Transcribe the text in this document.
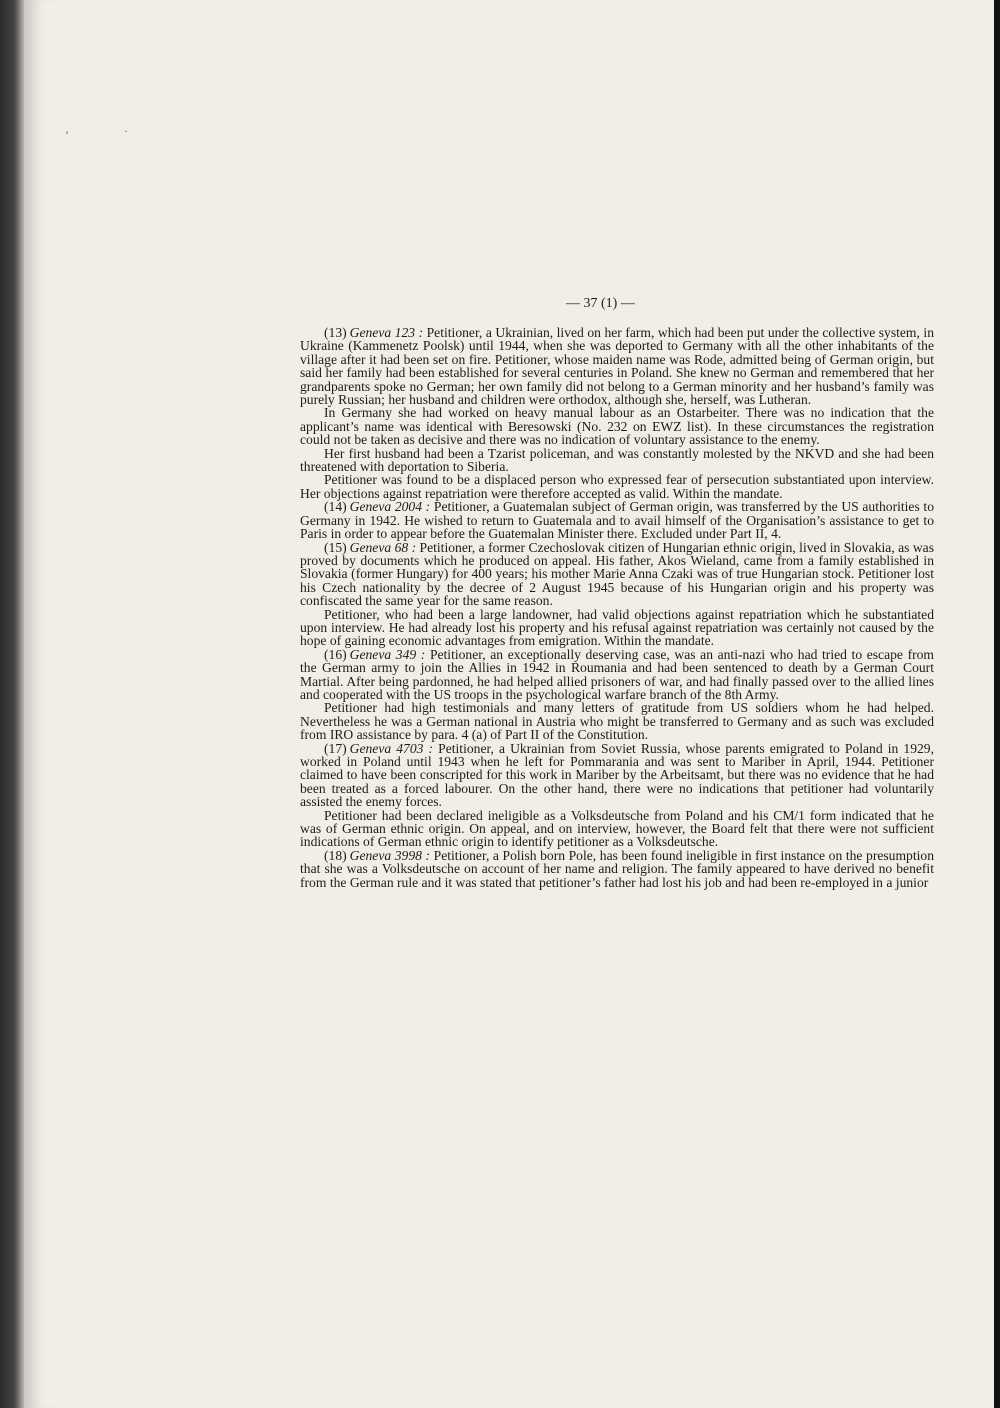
'	·
— 37 (1) —

(13) Geneva 123 : Petitioner, a Ukrainian, lived on her farm, which had been put under the collective system, in Ukraine (Kammenetz Poolsk) until 1944, when she was deported to Germany with all the other inhabitants of the village after it had been set on fire. Petitioner, whose maiden name was Rode, admitted being of German origin, but said her family had been established for several centuries in Poland. She knew no German and remembered that her grandparents spoke no German; her own family did not belong to a German minority and her husband’s family was purely Russian; her husband and children were orthodox, although she, herself, was Lutheran.

In Germany she had worked on heavy manual labour as an Ostarbeiter. There was no indication that the applicant’s name was identical with Beresowski (No. 232 on EWZ list). In these circumstances the registration could not be taken as decisive and there was no indication of voluntary assistance to the enemy.

Her first husband had been a Tzarist policeman, and was constantly molested by the NKVD and she had been threatened with deportation to Siberia.

Petitioner was found to be a displaced person who expressed fear of persecution substantiated upon interview. Her objections against repatriation were therefore accepted as valid. Within the mandate.

(14) Geneva 2004 : Petitioner, a Guatemalan subject of German origin, was transferred by the US authorities to Germany in 1942. He wished to return to Guatemala and to avail himself of the Organisation’s assistance to get to Paris in order to appear before the Guatemalan Minister there. Excluded under Part II, 4.

(15) Geneva 68 : Petitioner, a former Czechoslovak citizen of Hungarian ethnic origin, lived in Slovakia, as was proved by documents which he produced on appeal. His father, Akos Wieland, came from a family established in Slovakia (former Hungary) for 400 years; his mother Marie Anna Czaki was of true Hungarian stock. Petitioner lost his Czech nationality by the decree of 2 August 1945 because of his Hungarian origin and his property was confiscated the same year for the same reason.

Petitioner, who had been a large landowner, had valid objections against repatriation which he substantiated upon interview. He had already lost his property and his refusal against repatriation was certainly not caused by the hope of gaining economic advantages from emigration. Within the mandate.

(16) Geneva 349 : Petitioner, an exceptionally deserving case, was an anti-nazi who had tried to escape from the German army to join the Allies in 1942 in Roumania and had been sentenced to death by a German Court Martial. After being pardonned, he had helped allied prisoners of war, and had finally passed over to the allied lines and cooperated with the US troops in the psychological warfare branch of the 8th Army.

Petitioner had high testimonials and many letters of gratitude from US soldiers whom he had helped. Nevertheless he was a German national in Austria who might be transferred to Germany and as such was excluded from IRO assistance by para. 4 (a) of Part II of the Constitution.

(17) Geneva 4703 : Petitioner, a Ukrainian from Soviet Russia, whose parents emigrated to Poland in 1929, worked in Poland until 1943 when he left for Pommarania and was sent to Mariber in April, 1944. Petitioner claimed to have been conscripted for this work in Mariber by the Arbeitsamt, but there was no evidence that he had been treated as a forced labourer. On the other hand, there were no indications that petitioner had voluntarily assisted the enemy forces.

Petitioner had been declared ineligible as a Volksdeutsche from Poland and his CM/1 form indicated that he was of German ethnic origin. On appeal, and on interview, however, the Board felt that there were not sufficient indications of German ethnic origin to identify petitioner as a Volksdeutsche.

(18) Geneva 3998 : Petitioner, a Polish born Pole, has been found ineligible in first instance on the presumption that she was a Volksdeutsche on account of her name and religion. The family appeared to have derived no benefit from the German rule and it was stated that petitioner’s father had lost his job and had been re-employed in a junior
